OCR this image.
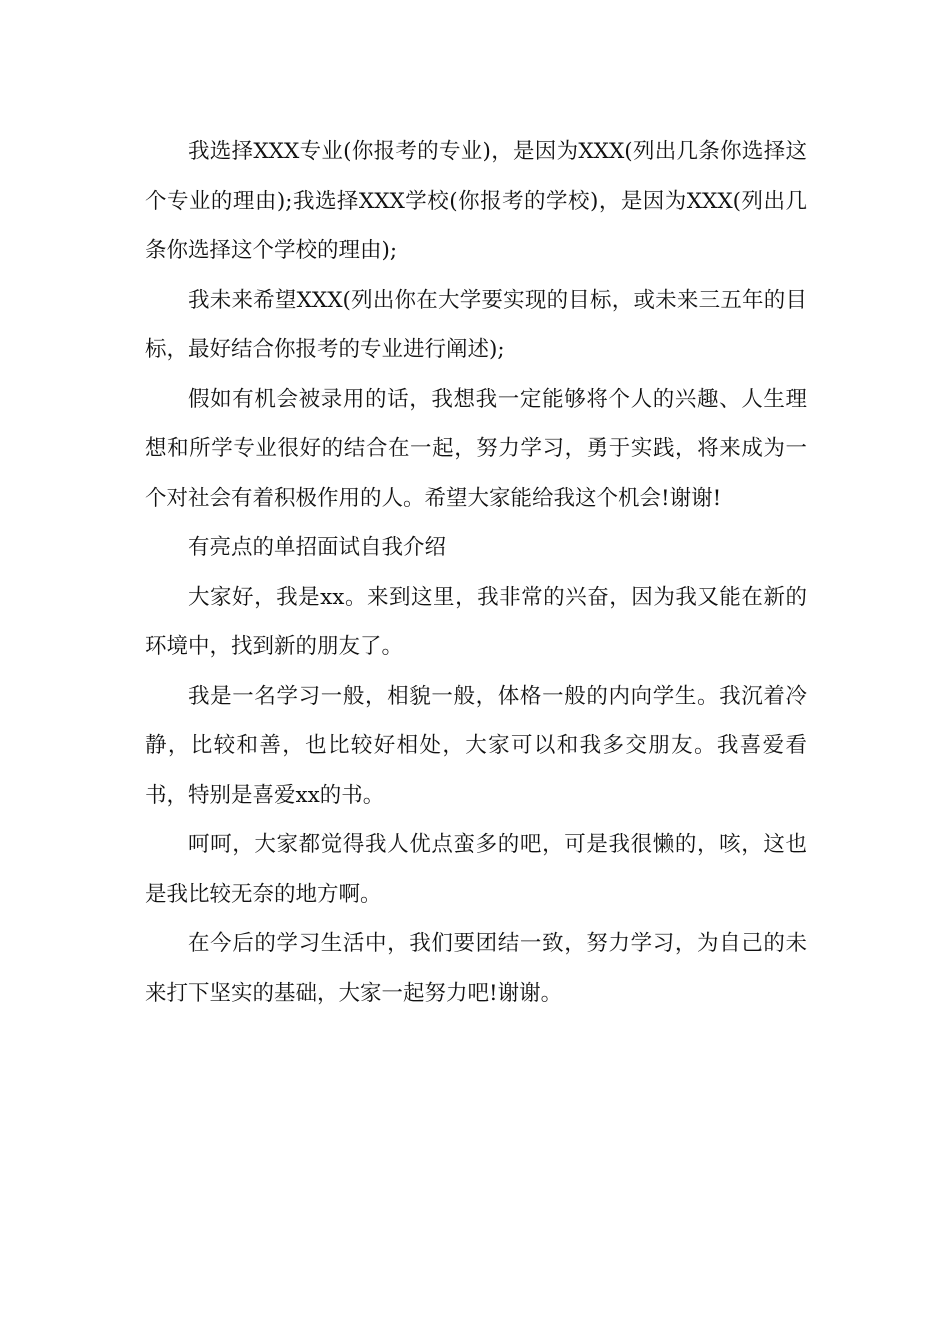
我选择XXX专业(你报考的专业)，是因为XXX(列出几条你选择这个专业的理由);我选择XXX学校(你报考的学校)，是因为XXX(列出几条你选择这个学校的理由);

我未来希望XXX(列出你在大学要实现的目标，或未来三五年的目标，最好结合你报考的专业进行阐述);

假如有机会被录用的话，我想我一定能够将个人的兴趣、人生理想和所学专业很好的结合在一起，努力学习，勇于实践，将来成为一个对社会有着积极作用的人。希望大家能给我这个机会!谢谢!

有亮点的单招面试自我介绍

大家好，我是xx。来到这里，我非常的兴奋，因为我又能在新的环境中，找到新的朋友了。

我是一名学习一般，相貌一般，体格一般的内向学生。我沉着冷静，比较和善，也比较好相处，大家可以和我多交朋友。我喜爱看书，特别是喜爱xx的书。

呵呵，大家都觉得我人优点蛮多的吧，可是我很懒的，咳，这也是我比较无奈的地方啊。

在今后的学习生活中，我们要团结一致，努力学习，为自己的未来打下坚实的基础，大家一起努力吧!谢谢。
